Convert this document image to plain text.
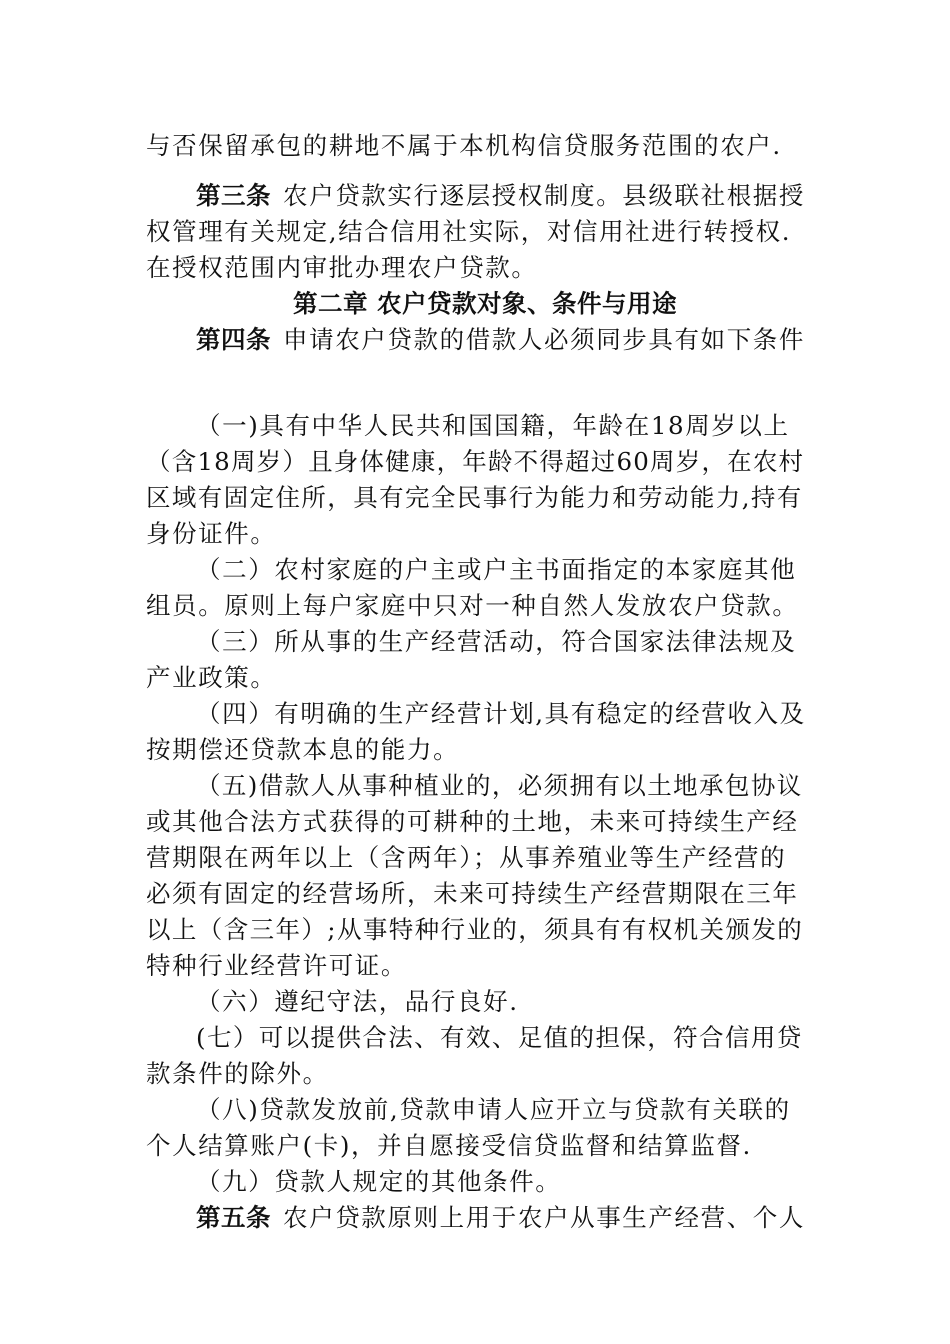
与否保留承包的耕地不属于本机构信贷服务范围的农户.
第三条 农户贷款实行逐层授权制度。县级联社根据授
权管理有关规定,结合信用社实际，对信用社进行转授权.
在授权范围内审批办理农户贷款。
第二章 农户贷款对象、条件与用途
第四条 申请农户贷款的借款人必须同步具有如下条件
（一)具有中华人民共和国国籍，年龄在18周岁以上
（含18周岁）且身体健康，年龄不得超过60周岁，在农村
区域有固定住所，具有完全民事行为能力和劳动能力,持有
身份证件。
（二）农村家庭的户主或户主书面指定的本家庭其他
组员。原则上每户家庭中只对一种自然人发放农户贷款。
（三）所从事的生产经营活动，符合国家法律法规及
产业政策。
（四）有明确的生产经营计划,具有稳定的经营收入及
按期偿还贷款本息的能力。
（五)借款人从事种植业的，必须拥有以土地承包协议
或其他合法方式获得的可耕种的土地，未来可持续生产经
营期限在两年以上（含两年）；从事养殖业等生产经营的
必须有固定的经营场所，未来可持续生产经营期限在三年
以上（含三年）;从事特种行业的，须具有有权机关颁发的
特种行业经营许可证。
（六）遵纪守法，品行良好.
(七）可以提供合法、有效、足值的担保，符合信用贷
款条件的除外。
（八)贷款发放前,贷款申请人应开立与贷款有关联的
个人结算账户(卡)，并自愿接受信贷监督和结算监督.
（九）贷款人规定的其他条件。
第五条 农户贷款原则上用于农户从事生产经营、个人
